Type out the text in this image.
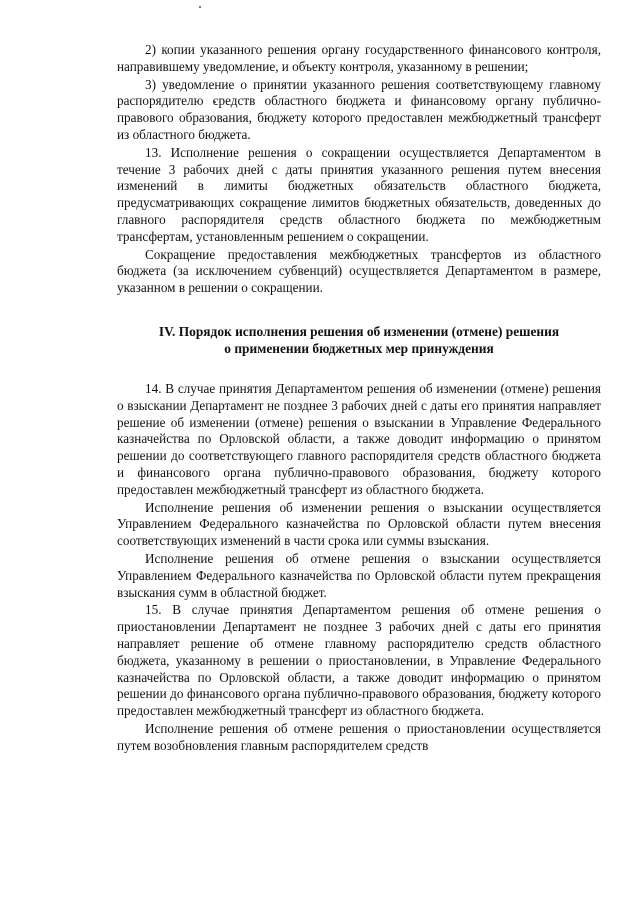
2) копии указанного решения органу государственного финансового контроля, направившему уведомление, и объекту контроля, указанному в решении;

3) уведомление о принятии указанного решения соответствующему главному распорядителю средств областного бюджета и финансовому органу публично-правового образования, бюджету которого предоставлен межбюджетный трансферт из областного бюджета.

13. Исполнение решения о сокращении осуществляется Департаментом в течение 3 рабочих дней с даты принятия указанного решения путем внесения изменений в лимиты бюджетных обязательств областного бюджета, предусматривающих сокращение лимитов бюджетных обязательств, доведенных до главного распорядителя средств областного бюджета по межбюджетным трансфертам, установленным решением о сокращении.

Сокращение предоставления межбюджетных трансфертов из областного бюджета (за исключением субвенций) осуществляется Департаментом в размере, указанном в решении о сокращении.

IV. Порядок исполнения решения об изменении (отмене) решения
о применении бюджетных мер принуждения

14. В случае принятия Департаментом решения об изменении (отмене) решения о взыскании Департамент не позднее 3 рабочих дней с даты его принятия направляет решение об изменении (отмене) решения о взыскании в Управление Федерального казначейства по Орловской области, а также доводит информацию о принятом решении до соответствующего главного распорядителя средств областного бюджета и финансового органа публично-правового образования, бюджету которого предоставлен межбюджетный трансферт из областного бюджета.

Исполнение решения об изменении решения о взыскании осуществляется Управлением Федерального казначейства по Орловской области путем внесения соответствующих изменений в части срока или суммы взыскания.

Исполнение решения об отмене решения о взыскании осуществляется Управлением Федерального казначейства по Орловской области путем прекращения взыскания сумм в областной бюджет.

15. В случае принятия Департаментом решения об отмене решения о приостановлении Департамент не позднее 3 рабочих дней с даты его принятия направляет решение об отмене главному распорядителю средств областного бюджета, указанному в решении о приостановлении, в Управление Федерального казначейства по Орловской области, а также доводит информацию о принятом решении до финансового органа публично-правового образования, бюджету которого предоставлен межбюджетный трансферт из областного бюджета.

Исполнение решения об отмене решения о приостановлении осуществляется путем возобновления главным распорядителем средств
